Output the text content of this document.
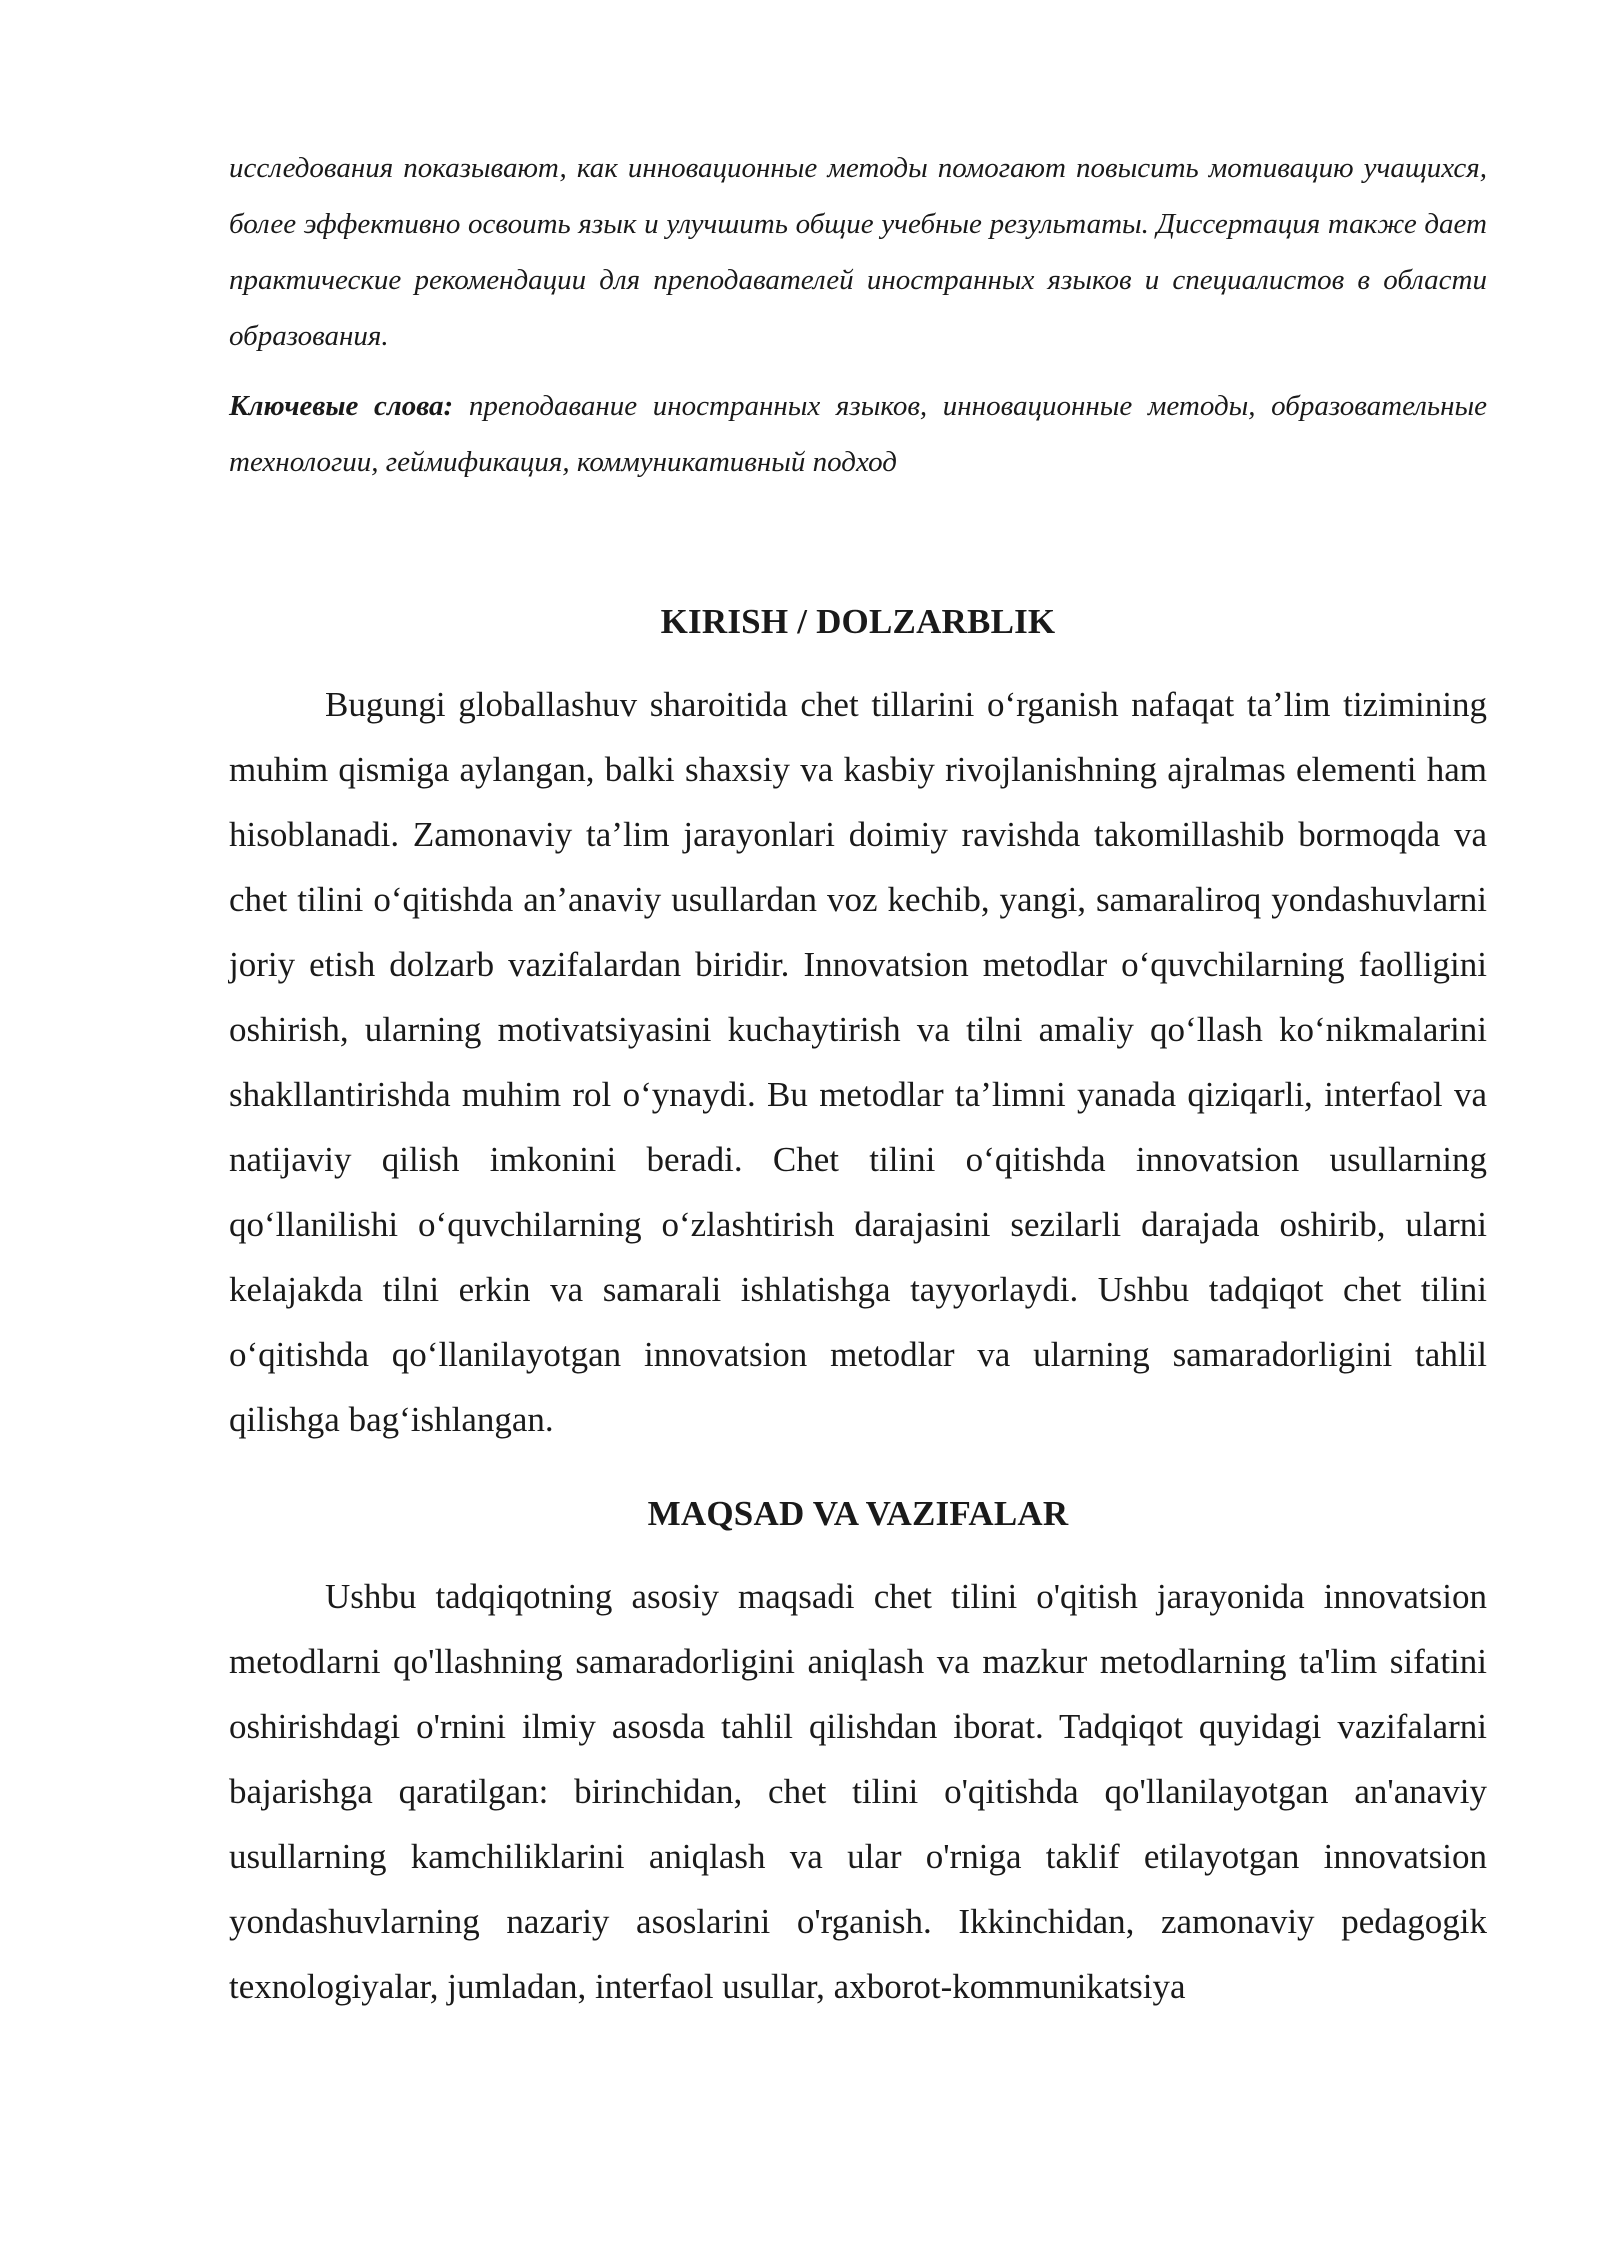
исследования показывают, как инновационные методы помогают повысить мотивацию учащихся, более эффективно освоить язык и улучшить общие учебные результаты. Диссертация также дает практические рекомендации для преподавателей иностранных языков и специалистов в области образования.

Ключевые слова: преподавание иностранных языков, инновационные методы, образовательные технологии, геймификация, коммуникативный подход

KIRISH / DOLZARBLIK

Bugungi globallashuv sharoitida chet tillarini o‘rganish nafaqat ta’lim tizimining muhim qismiga aylangan, balki shaxsiy va kasbiy rivojlanishning ajralmas elementi ham hisoblanadi. Zamonaviy ta’lim jarayonlari doimiy ravishda takomillashib bormoqda va chet tilini o‘qitishda an’anaviy usullardan voz kechib, yangi, samaraliroq yondashuvlarni joriy etish dolzarb vazifalardan biridir. Innovatsion metodlar o‘quvchilarning faolligini oshirish, ularning motivatsiyasini kuchaytirish va tilni amaliy qo‘llash ko‘nikmalarini shakllantirishda muhim rol o‘ynaydi. Bu metodlar ta’limni yanada qiziqarli, interfaol va natijaviy qilish imkonini beradi. Chet tilini o‘qitishda innovatsion usullarning qo‘llanilishi o‘quvchilarning o‘zlashtirish darajasini sezilarli darajada oshirib, ularni kelajakda tilni erkin va samarali ishlatishga tayyorlaydi. Ushbu tadqiqot chet tilini o‘qitishda qo‘llanilayotgan innovatsion metodlar va ularning samaradorligini tahlil qilishga bag‘ishlangan.

MAQSAD VA VAZIFALAR

Ushbu tadqiqotning asosiy maqsadi chet tilini o'qitish jarayonida innovatsion metodlarni qo'llashning samaradorligini aniqlash va mazkur metodlarning ta'lim sifatini oshirishdagi o'rnini ilmiy asosda tahlil qilishdan iborat. Tadqiqot quyidagi vazifalarni bajarishga qaratilgan: birinchidan, chet tilini o'qitishda qo'llanilayotgan an'anaviy usullarning kamchiliklarini aniqlash va ular o'rniga taklif etilayotgan innovatsion yondashuvlarning nazariy asoslarini o'rganish. Ikkinchidan, zamonaviy pedagogik texnologiyalar, jumladan, interfaol usullar, axborot-kommunikatsiya
